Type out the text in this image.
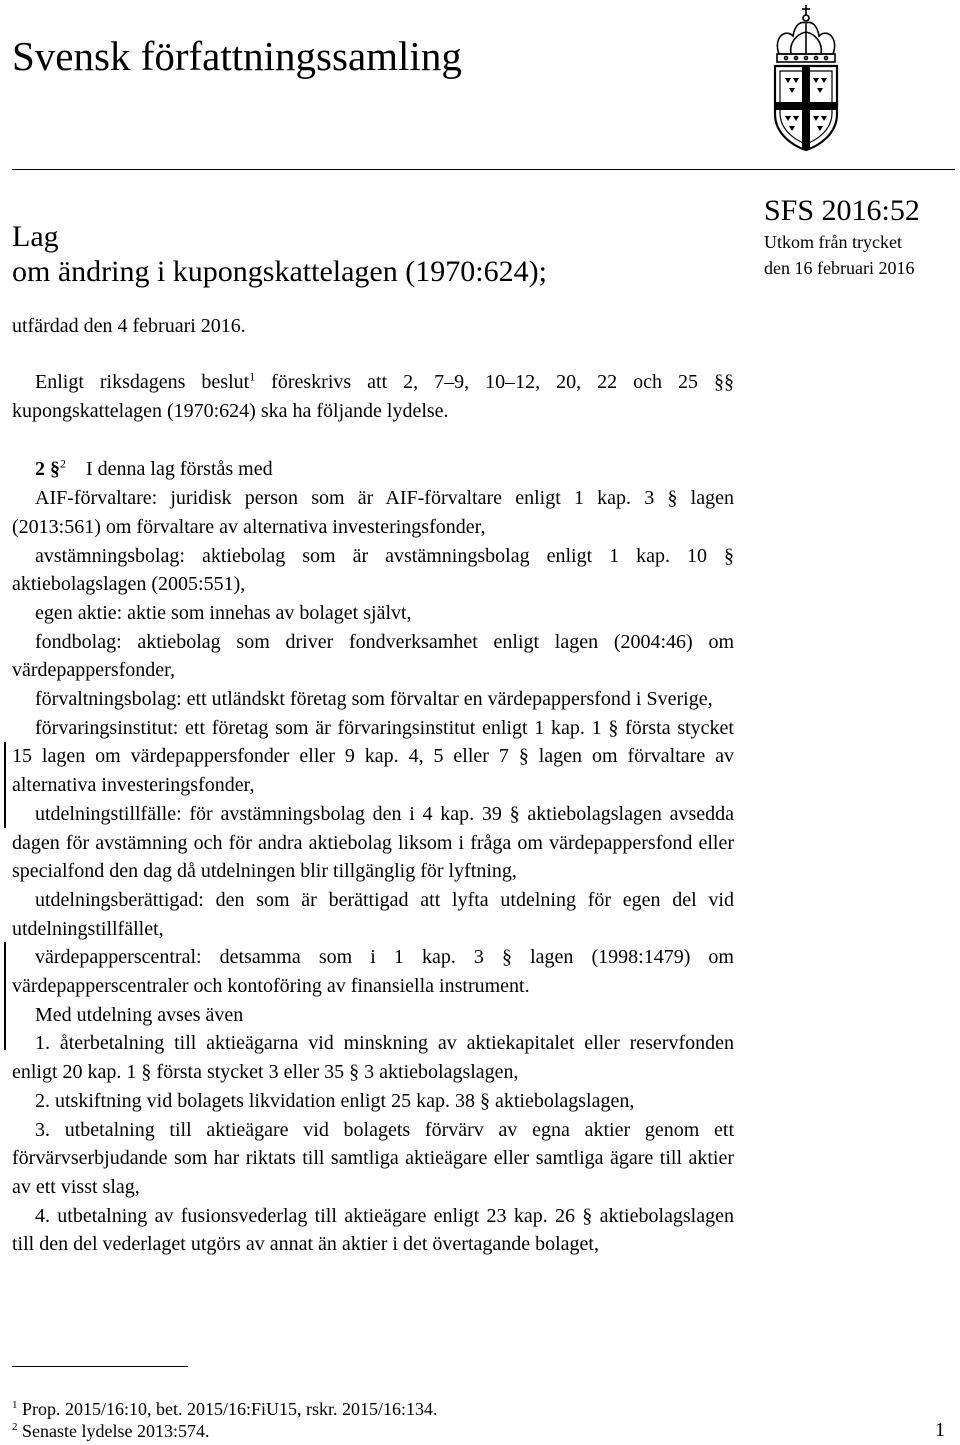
Svensk författningssamling
Lag
om ändring i kupongskattelagen (1970:624);
SFS 2016:52
Utkom från trycket
den 16 februari 2016
utfärdad den 4 februari 2016.

Enligt riksdagens beslut$^1$ föreskrivs att 2, 7–9, 10–12, 20, 22 och 25 §§ kupongskattelagen (1970:624) ska ha följande lydelse.

2 §$^2$ I denna lag förstås med

AIF-förvaltare: juridisk person som är AIF-förvaltare enligt 1 kap. 3 § lagen (2013:561) om förvaltare av alternativa investeringsfonder,

avstämningsbolag: aktiebolag som är avstämningsbolag enligt 1 kap. 10 § aktiebolagslagen (2005:551),

egen aktie: aktie som innehas av bolaget självt,

fondbolag: aktiebolag som driver fondverksamhet enligt lagen (2004:46) om värdepappersfonder,

förvaltningsbolag: ett utländskt företag som förvaltar en värdepappersfond i Sverige,

förvaringsinstitut: ett företag som är förvaringsinstitut enligt 1 kap. 1 § första stycket 15 lagen om värdepappersfonder eller 9 kap. 4, 5 eller 7 § lagen om förvaltare av alternativa investeringsfonder,

utdelningstillfälle: för avstämningsbolag den i 4 kap. 39 § aktiebolagslagen avsedda dagen för avstämning och för andra aktiebolag liksom i fråga om värdepappersfond eller specialfond den dag då utdelningen blir tillgänglig för lyftning,

utdelningsberättigad: den som är berättigad att lyfta utdelning för egen del vid utdelningstillfället,

värdepapperscentral: detsamma som i 1 kap. 3 § lagen (1998:1479) om värdepapperscentraler och kontoföring av finansiella instrument.

Med utdelning avses även

1. återbetalning till aktieägarna vid minskning av aktiekapitalet eller reservfonden enligt 20 kap. 1 § första stycket 3 eller 35 § 3 aktiebolagslagen,

2. utskiftning vid bolagets likvidation enligt 25 kap. 38 § aktiebolagslagen,

3. utbetalning till aktieägare vid bolagets förvärv av egna aktier genom ett förvärvserbjudande som har riktats till samtliga aktieägare eller samtliga ägare till aktier av ett visst slag,

4. utbetalning av fusionsvederlag till aktieägare enligt 23 kap. 26 § aktiebolagslagen till den del vederlaget utgörs av annat än aktier i det övertagande bolaget,

$^1$ Prop. 2015/16:10, bet. 2015/16:FiU15, rskr. 2015/16:134.
$^2$ Senaste lydelse 2013:574.	1
